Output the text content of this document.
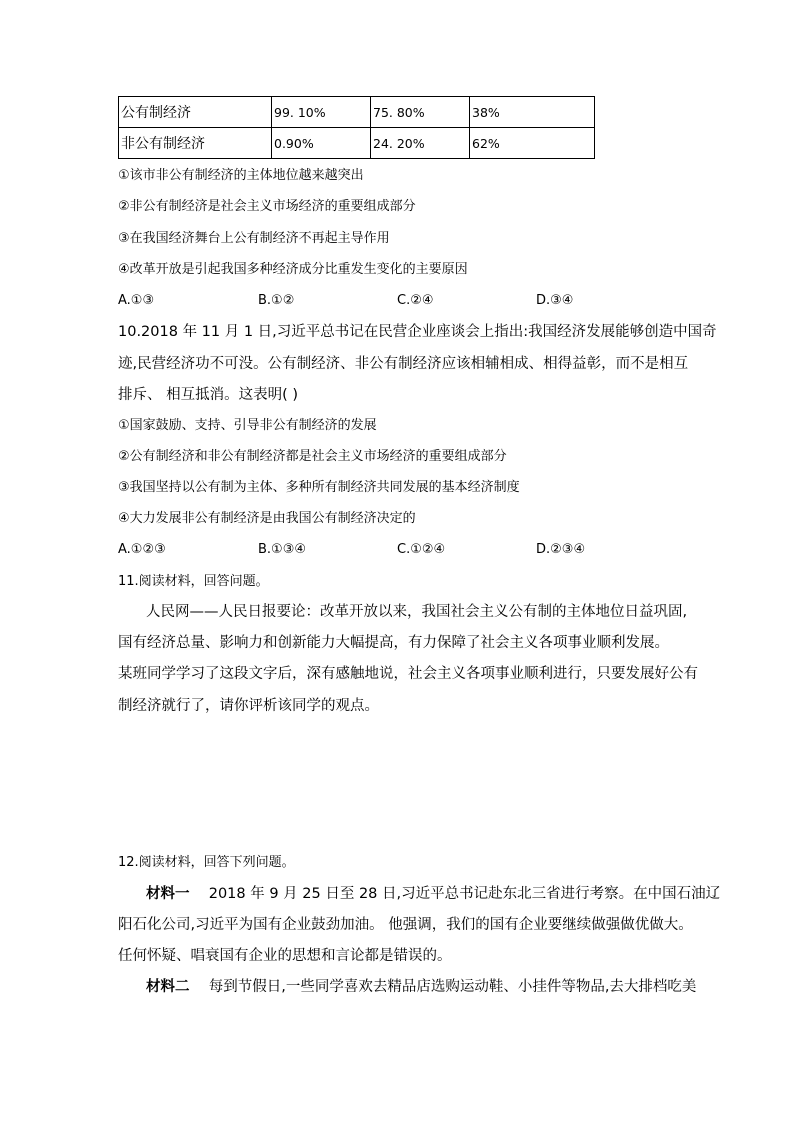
公有制经济	99. 10%	75. 80%	38%
非公有制经济	0.90%	24. 20%	62%
①该市非公有制经济的主体地位越来越突出
②非公有制经济是社会主义市场经济的重要组成部分
③在我国经济舞台上公有制经济不再起主导作用
④改革开放是引起我国多种经济成分比重发生变化的主要原因
A.①③	B.①②	C.②④	D.③④
10.2018 年 11 月 1 日,习近平总书记在民营企业座谈会上指出:我国经济发展能够创造中国奇
迹,民营经济功不可没。公有制经济、非公有制经济应该相辅相成、相得益彰，而不是相互
排斥、 相互抵消。这表明( )
①国家鼓励、支持、引导非公有制经济的发展
②公有制经济和非公有制经济都是社会主义市场经济的重要组成部分
③我国坚持以公有制为主体、多种所有制经济共同发展的基本经济制度
④大力发展非公有制经济是由我国公有制经济决定的
A.①②③	B.①③④	C.①②④	D.②③④
11.阅读材料，回答问题。
人民网——人民日报要论：改革开放以来，我国社会主义公有制的主体地位日益巩固,
国有经济总量、影响力和创新能力大幅提高，有力保障了社会主义各项事业顺利发展。
某班同学学习了这段文字后，深有感触地说，社会主义各项事业顺利进行，只要发展好公有
制经济就行了，请你评析该同学的观点。
12.阅读材料，回答下列问题。
材料一 2018 年 9 月 25 日至 28 日,习近平总书记赴东北三省进行考察。在中国石油辽
阳石化公司,习近平为国有企业鼓劲加油。 他强调，我们的国有企业要继续做强做优做大。
任何怀疑、唱衰国有企业的思想和言论都是错误的。
材料二 每到节假日,一些同学喜欢去精品店选购运动鞋、小挂件等物品,去大排档吃美
